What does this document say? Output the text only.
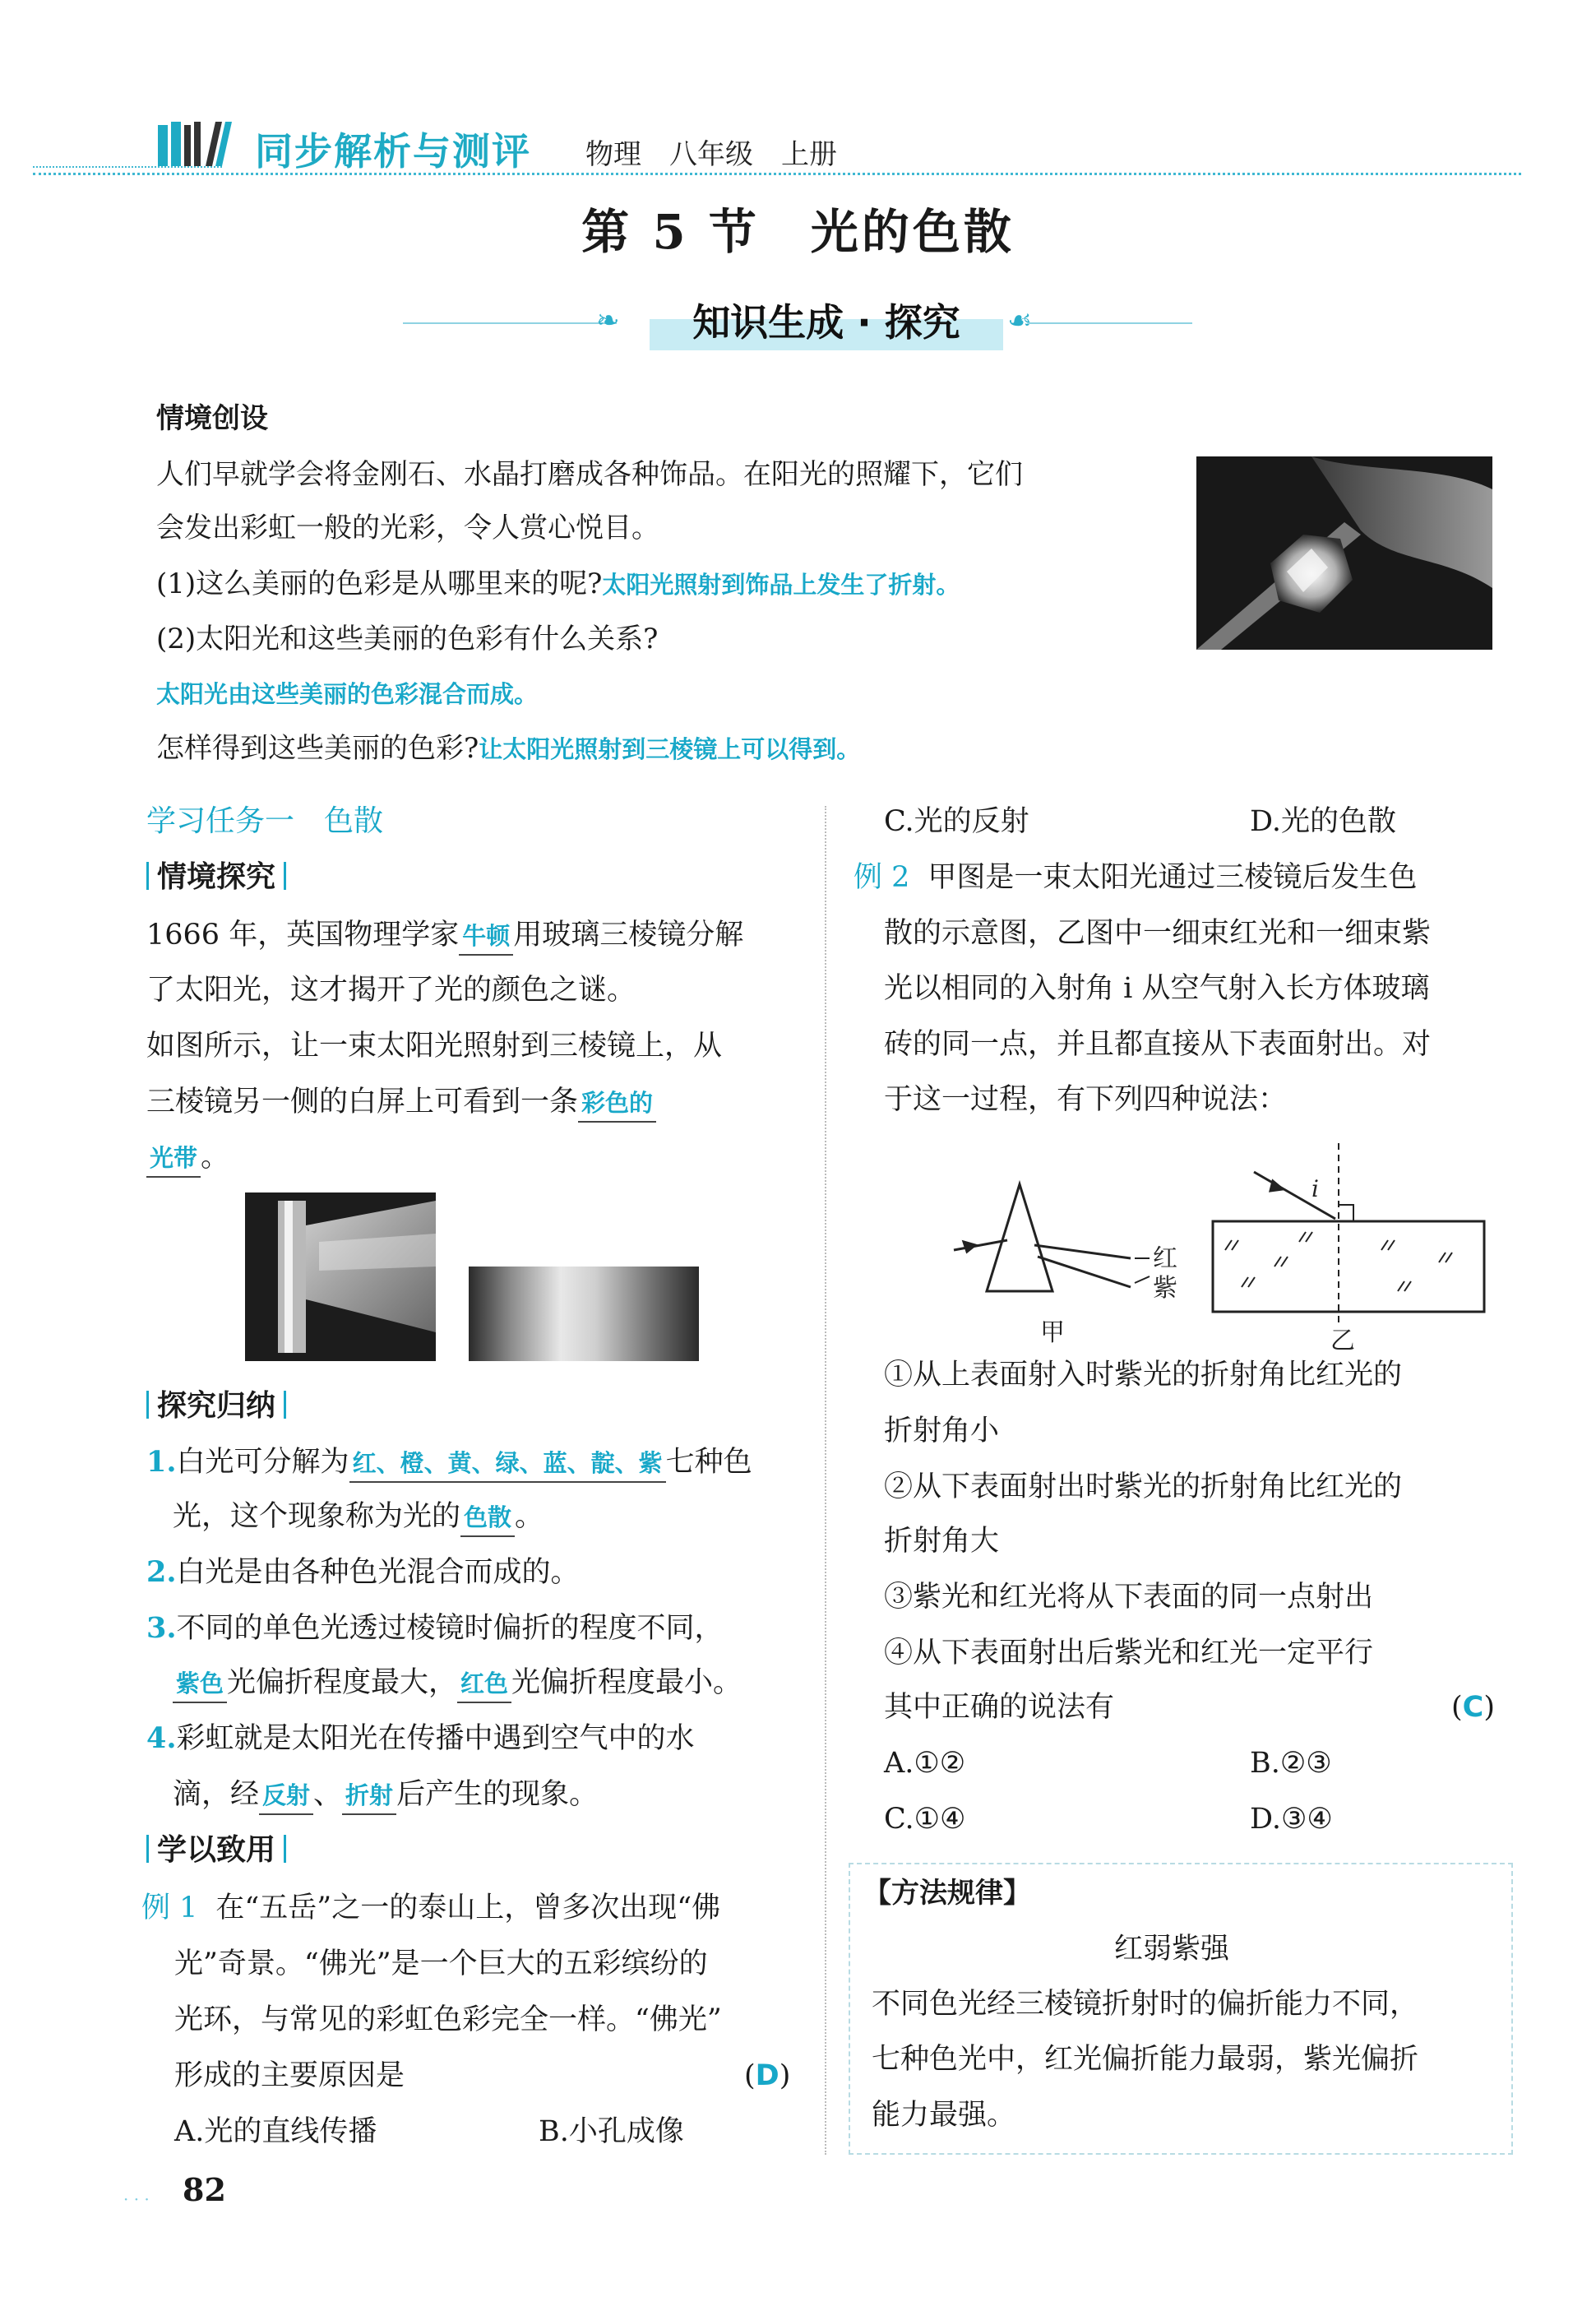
同步解析与测评 物理　八年级　上册
第 5 节　光的色散
❧	知识生成 · 探究	☙
情境创设
人们早就学会将金刚石、水晶打磨成各种饰品。在阳光的照耀下，它们
会发出彩虹一般的光彩，令人赏心悦目。
(1)这么美丽的色彩是从哪里来的呢?太阳光照射到饰品上发生了折射。
(2)太阳光和这些美丽的色彩有什么关系?
太阳光由这些美丽的色彩混合而成。
怎样得到这些美丽的色彩?让太阳光照射到三棱镜上可以得到。
学习任务一　色散
情境探究
1666 年，英国物理学家 牛顿 用玻璃三棱镜分解
了太阳光，这才揭开了光的颜色之谜。
如图所示，让一束太阳光照射到三棱镜上，从
三棱镜另一侧的白屏上可看到一条 彩色的
光带 。
探究归纳
1.白光可分解为 红、橙、黄、绿、蓝、靛、紫 七种色
光，这个现象称为光的 色散 。
2.白光是由各种色光混合而成的。
3.不同的单色光透过棱镜时偏折的程度不同，
紫色 光偏折程度最大， 红色 光偏折程度最小。
4.彩虹就是太阳光在传播中遇到空气中的水
滴，经 反射 、 折射 后产生的现象。
学以致用
例 1 在“五岳”之一的泰山上，曾多次出现“佛
光”奇景。“佛光”是一个巨大的五彩缤纷的
光环，与常见的彩虹色彩完全一样。“佛光”
形成的主要原因是	(D)
A.光的直线传播	B.小孔成像
C.光的反射	D.光的色散
例 2 甲图是一束太阳光通过三棱镜后发生色
散的示意图，乙图中一细束红光和一细束紫
光以相同的入射角 i 从空气射入长方体玻璃
砖的同一点，并且都直接从下表面射出。对
于这一过程，有下列四种说法：
红
紫
甲
i
乙
①从上表面射入时紫光的折射角比红光的
折射角小
②从下表面射出时紫光的折射角比红光的
折射角大
③紫光和红光将从下表面的同一点射出
④从下表面射出后紫光和红光一定平行
其中正确的说法有	(C)
A.①②	B.②③
C.①④	D.③④
【方法规律】
红弱紫强
不同色光经三棱镜折射时的偏折能力不同，
七种色光中，红光偏折能力最弱，紫光偏折
能力最强。
· · · 82
